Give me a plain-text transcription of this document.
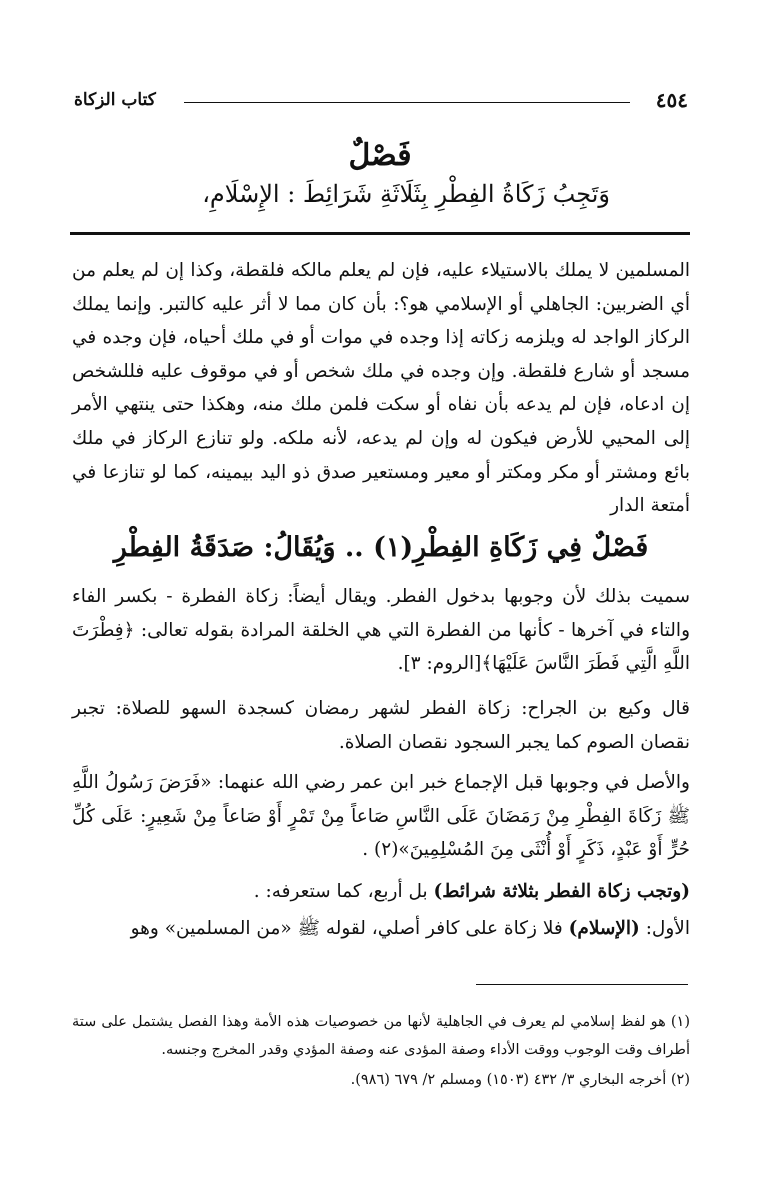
٤٥٤
كتاب الزكاة
فَصْلٌ
وَتَجِبُ زَكَاةُ الفِطْرِ بِثَلَاثَةِ شَرَائِطَ : الإِسْلَامِ،

المسلمين لا يملك بالاستيلاء عليه، فإن لم يعلم مالكه فلقطة، وكذا إن لم يعلم من أي الضربين: الجاهلي أو الإسلامي هو؟: بأن كان مما لا أثر عليه كالتبر. وإنما يملك الركاز الواجد له ويلزمه زكاته إذا وجده في موات أو في ملك أحياه، فإن وجده في مسجد أو شارع فلقطة. وإن وجده في ملك شخص أو في موقوف عليه فللشخص إن ادعاه، فإن لم يدعه بأن نفاه أو سكت فلمن ملك منه، وهكذا حتى ينتهي الأمر إلى المحيي للأرض فيكون له وإن لم يدعه، لأنه ملكه. ولو تنازع الركاز في ملك بائع ومشتر أو مكر ومكتر أو معير ومستعير صدق ذو اليد بيمينه، كما لو تنازعا في أمتعة الدار

فَصْلٌ فِي زَكَاةِ الفِطْرِ(١) .. وَيُقَالُ: صَدَقَةُ الفِطْرِ

سميت بذلك لأن وجوبها بدخول الفطر. ويقال أيضاً: زكاة الفطرة - بكسر الفاء والتاء في آخرها - كأنها من الفطرة التي هي الخلقة المرادة بقوله تعالى: ﴿فِطْرَتَ اللَّهِ الَّتِي فَطَرَ النَّاسَ عَلَيْهَا﴾[الروم: ٣].

قال وكيع بن الجراح: زكاة الفطر لشهر رمضان كسجدة السهو للصلاة: تجبر نقصان الصوم كما يجبر السجود نقصان الصلاة.

والأصل في وجوبها قبل الإجماع خبر ابن عمر رضي الله عنهما: «فَرَضَ رَسُولُ اللَّهِ ﷺ زَكَاةَ الفِطْرِ مِنْ رَمَضَانَ عَلَى النَّاسِ صَاعاً مِنْ تَمْرٍ أَوْ صَاعاً مِنْ شَعِيرٍ: عَلَى كُلِّ حُرٍّ أَوْ عَبْدٍ، ذَكَرٍ أَوْ أُنْثَى مِنَ المُسْلِمِينَ»(٢) .

(وتجب زكاة الفطر بثلاثة شرائط) بل أربع، كما ستعرفه: .

الأول: (الإسلام) فلا زكاة على كافر أصلي، لقوله ﷺ «من المسلمين» وهو

(١) هو لفظ إسلامي لم يعرف في الجاهلية لأنها من خصوصيات هذه الأمة وهذا الفصل يشتمل على ستة أطراف وقت الوجوب ووقت الأداء وصفة المؤدى عنه وصفة المؤدي وقدر المخرج وجنسه.

(٢) أخرجه البخاري ٣/ ٤٣٢ (١٥٠٣) ومسلم ٢/ ٦٧٩ (٩٨٦).
